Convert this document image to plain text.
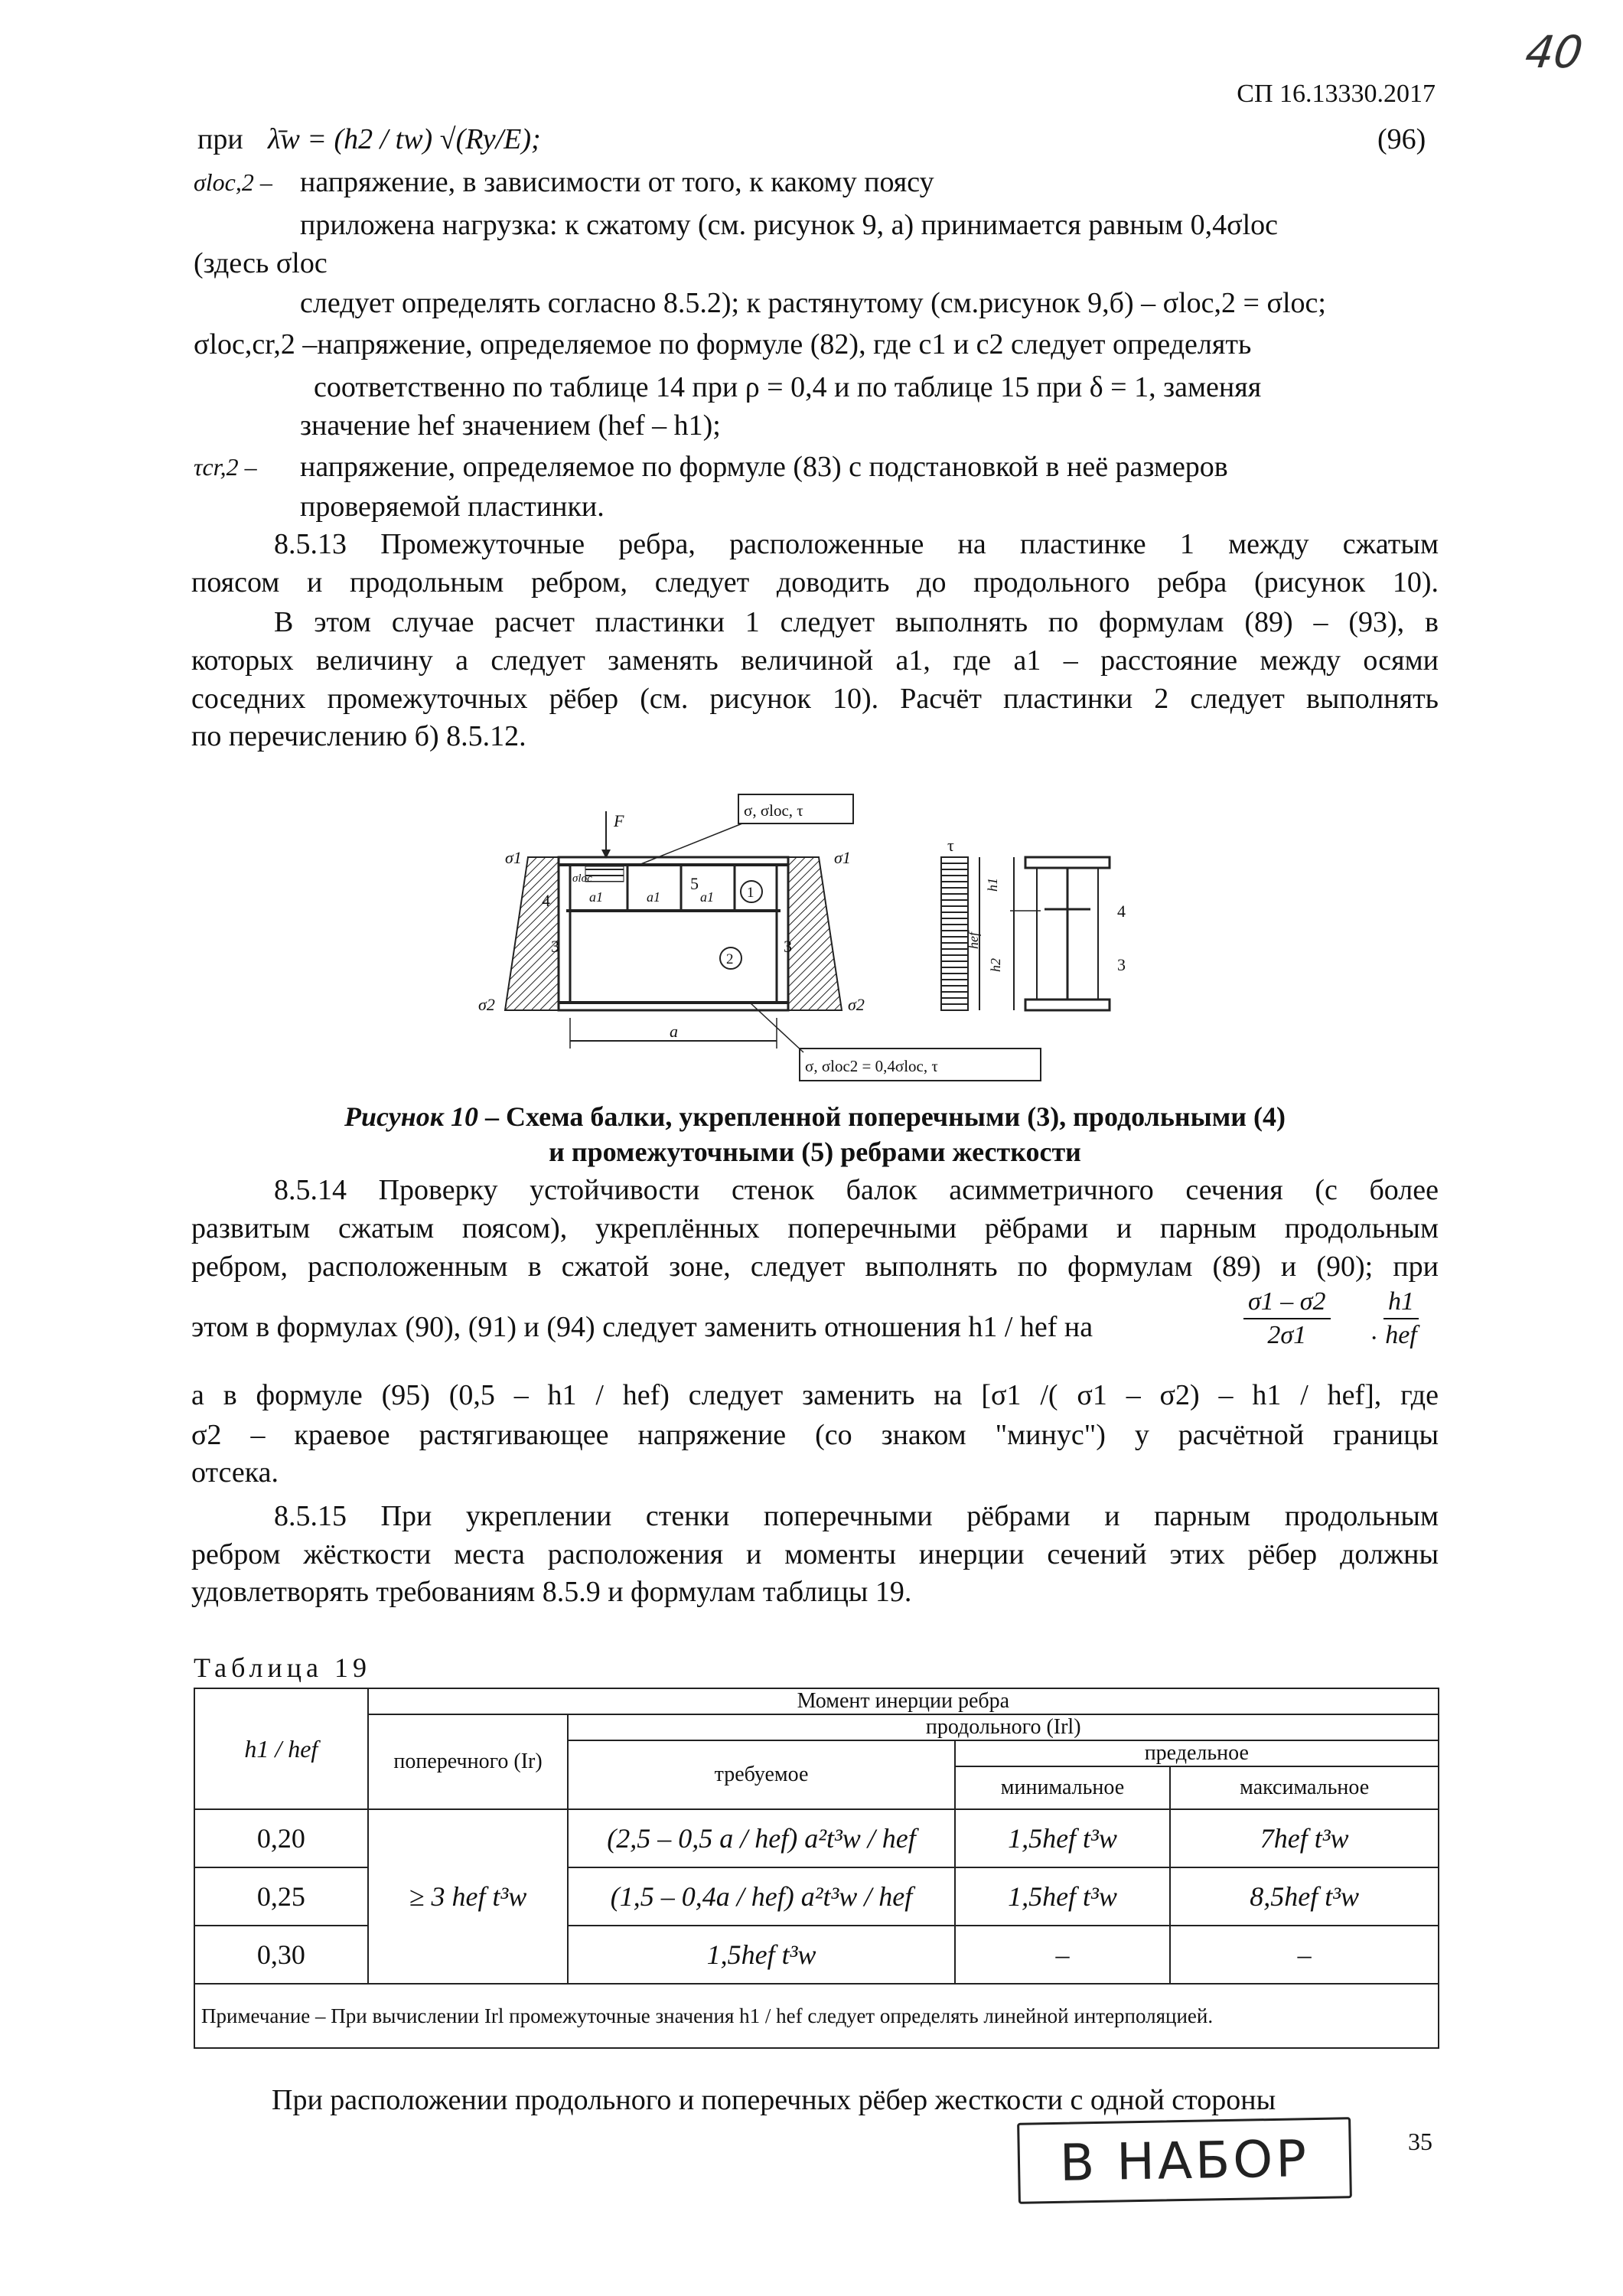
40
СП 16.13330.2017
при λ̄w = (h2 / tw) √(Ry/E);	(96)
σloc,2 – напряжение, в зависимости от того, к какому поясу
приложена нагрузка: к сжатому (см. рисунок 9, а) принимается равным 0,4σloc
(здесь σloc
следует определять согласно 8.5.2); к растянутому (см.рисунок 9,б) – σloc,2 = σloc;
σloc,cr,2 –напряжение, определяемое по формуле (82), где c1 и c2 следует определять
соответственно по таблице 14 при ρ = 0,4 и по таблице 15 при δ = 1, заменяя
значение hef значением (hef – h1);
τcr,2 – напряжение, определяемое по формуле (83) с подстановкой в неё размеров
проверяемой пластинки.
8.5.13 Промежуточные ребра, расположенные на пластинке 1 между сжатым
поясом и продольным ребром, следует доводить до продольного ребра (рисунок 10).
В этом случае расчет пластинки 1 следует выполнять по формулам (89) – (93), в
которых величину a следует заменять величиной a1, где a1 – расстояние между осями
соседних промежуточных рёбер (см. рисунок 10). Расчёт пластинки 2 следует выполнять
по перечислению б) 8.5.12.
F
σ, σloc, τ
σ, σloc2 = 0,4σloc, τ
σ1	σ1
σ2	σ2
σloc
1
2
3	3
4
5
a1	a1	a1
a
τ
h1
h2
hef
4
3
Рисунок 10 – Схема балки, укрепленной поперечными (3), продольными (4)
и промежуточными (5) ребрами жесткости
8.5.14 Проверку устойчивости стенок балок асимметричного сечения (с более
развитым сжатым поясом), укреплённых поперечными рёбрами и парным продольным
ребром, расположенным в сжатой зоне, следует выполнять по формулам (89) и (90); при
этом в формулах (90), (91) и (94) следует заменить отношения h1 / hef на
σ1 – σ2
2σ1	·
h1
hef
а в формуле (95) (0,5 – h1 / hef) следует заменить на [σ1 /( σ1 – σ2) – h1 / hef], где
σ2 – краевое растягивающее напряжение (со знаком "минус") у расчётной границы
отсека.
8.5.15 При укреплении стенки поперечными рёбрами и парным продольным
ребром жёсткости места расположения и моменты инерции сечений этих рёбер должны
удовлетворять требованиям 8.5.9 и формулам таблицы 19.
Таблица 19
h1 / hef	Момент инерции ребра			
	поперечного (Ir)	продольного (Irl)		
		требуемое	предельное	
			минимальное	максимальное
0,20	≥ 3 hef t³w	(2,5 – 0,5 a / hef) a²t³w / hef	1,5hef t³w	7hef t³w
0,25		(1,5 – 0,4a / hef) a²t³w / hef	1,5hef t³w	8,5hef t³w
0,30		1,5hef t³w	–	–
Примечание – При вычислении Irl промежуточные значения h1 / hef следует определять линейной интерполяцией.				
При расположении продольного и поперечных рёбер жесткости с одной стороны
В НАБОР	35
